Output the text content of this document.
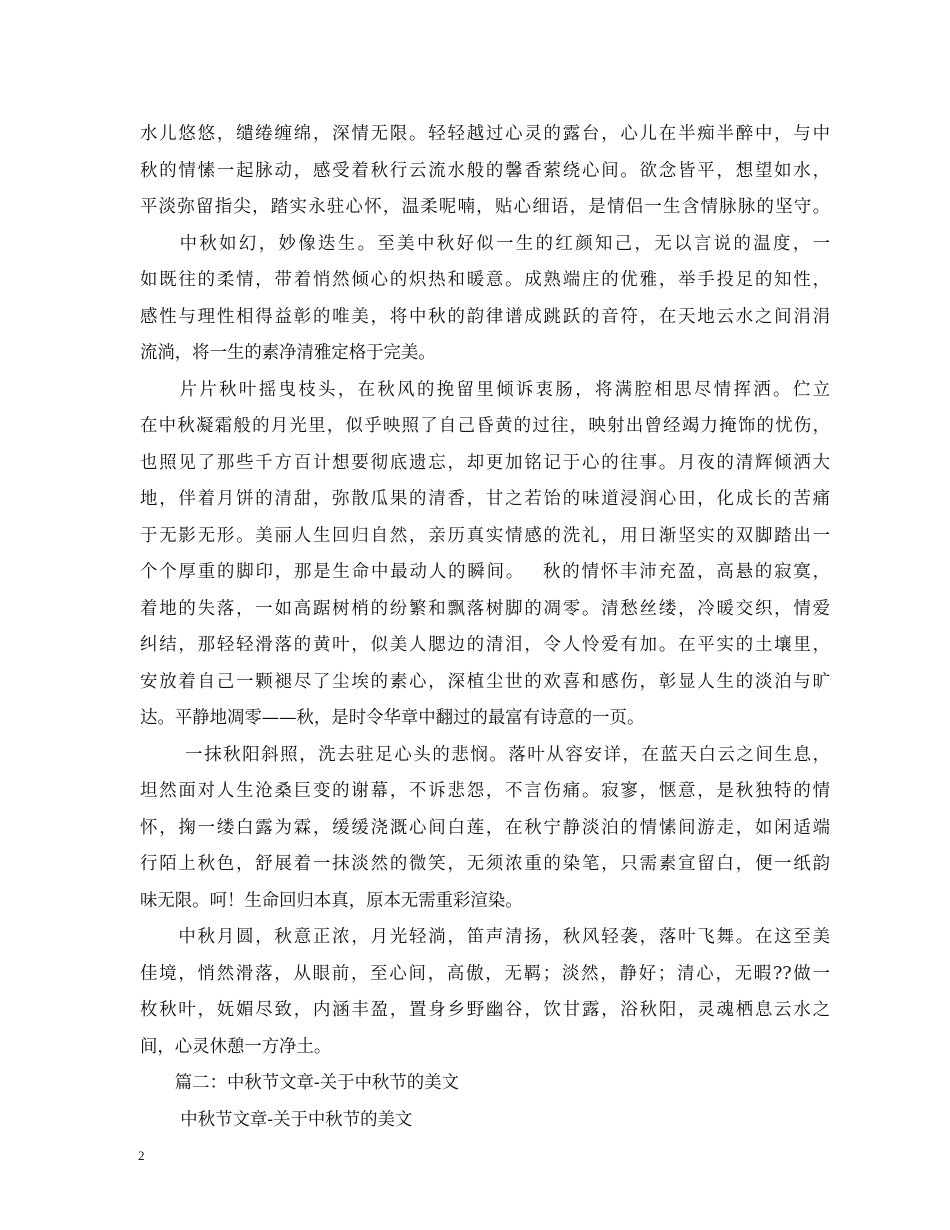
水儿悠悠，缱绻缠绵，深情无限。轻轻越过心灵的露台，心儿在半痴半醉中，与中
秋的情愫一起脉动，感受着秋行云流水般的馨香萦绕心间。欲念皆平，想望如水，
平淡弥留指尖，踏实永驻心怀，温柔呢喃，贴心细语，是情侣一生含情脉脉的坚守。
　　中秋如幻，妙像迭生。至美中秋好似一生的红颜知己，无以言说的温度，一
如既往的柔情，带着悄然倾心的炽热和暖意。成熟端庄的优雅，举手投足的知性，
感性与理性相得益彰的唯美，将中秋的韵律谱成跳跃的音符，在天地云水之间涓涓
流淌，将一生的素净清雅定格于完美。
　　片片秋叶摇曳枝头，在秋风的挽留里倾诉衷肠，将满腔相思尽情挥洒。伫立
在中秋凝霜般的月光里，似乎映照了自己昏黄的过往，映射出曾经竭力掩饰的忧伤，
也照见了那些千方百计想要彻底遗忘，却更加铭记于心的往事。月夜的清辉倾洒大
地，伴着月饼的清甜，弥散瓜果的清香，甘之若饴的味道浸润心田，化成长的苦痛
于无影无形。美丽人生回归自然，亲历真实情感的洗礼，用日渐坚实的双脚踏出一
个个厚重的脚印，那是生命中最动人的瞬间。　 秋的情怀丰沛充盈，高悬的寂寞，
着地的失落，一如高踞树梢的纷繁和飘落树脚的凋零。清愁丝缕，冷暖交织，情爱
纠结，那轻轻滑落的黄叶，似美人腮边的清泪，令人怜爱有加。在平实的土壤里，
安放着自己一颗褪尽了尘埃的素心，深植尘世的欢喜和感伤，彰显人生的淡泊与旷
达。平静地凋零——秋，是时令华章中翻过的最富有诗意的一页。
　　 一抹秋阳斜照，洗去驻足心头的悲悯。落叶从容安详，在蓝天白云之间生息，
坦然面对人生沧桑巨变的谢幕，不诉悲怨，不言伤痛。寂寥，惬意，是秋独特的情
怀，掬一缕白露为霖，缓缓浇溉心间白莲，在秋宁静淡泊的情愫间游走，如闲适端
行陌上秋色，舒展着一抹淡然的微笑，无须浓重的染笔，只需素宣留白，便一纸韵
味无限。呵！生命回归本真，原本无需重彩渲染。
　　中秋月圆，秋意正浓，月光轻淌，笛声清扬，秋风轻袭，落叶飞舞。在这至美
佳境，悄然滑落，从眼前，至心间，高傲，无羁；淡然，静好；清心，无暇??做一
枚秋叶，妩媚尽致，内涵丰盈，置身乡野幽谷，饮甘露，浴秋阳，灵魂栖息云水之
间，心灵休憩一方净土。
　　篇二：中秋节文章-关于中秋节的美文
　　 中秋节文章-关于中秋节的美文
2
